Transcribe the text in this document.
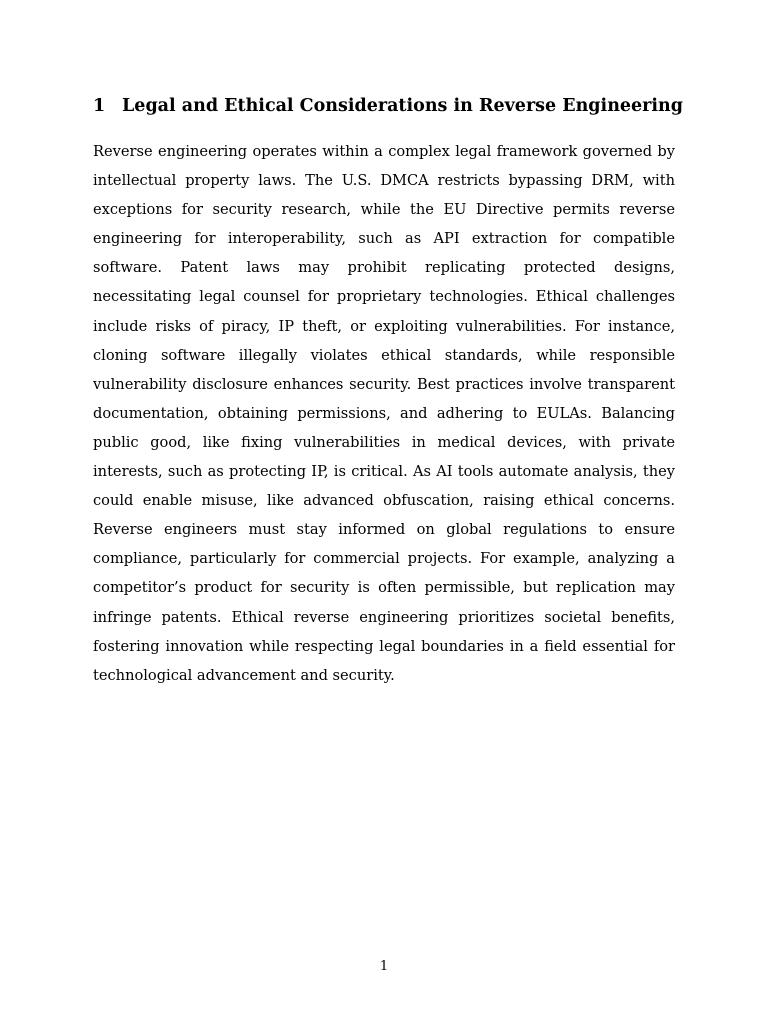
1 Legal and Ethical Considerations in Reverse Engineering

Reverse engineering operates within a complex legal framework governed by intellectual property laws. The U.S. DMCA restricts bypassing DRM, with exceptions for security research, while the EU Directive permits reverse engineering for interoperability, such as API extraction for compatible software. Patent laws may prohibit replicating protected designs, necessitating legal counsel for proprietary technologies. Ethical challenges include risks of piracy, IP theft, or exploiting vulnerabilities. For instance, cloning software illegally violates ethical standards, while responsible vulnerability disclosure enhances security. Best practices involve transparent documentation, obtaining permissions, and adhering to EULAs. Balancing public good, like fixing vulnerabilities in medical devices, with private interests, such as protecting IP, is critical. As AI tools automate analysis, they could enable misuse, like advanced obfuscation, raising ethical concerns. Reverse engineers must stay informed on global regulations to ensure compliance, particularly for commercial projects. For example, analyzing a competitor’s product for security is often permissible, but replication may infringe patents. Ethical reverse engineering prioritizes societal benefits, fostering innovation while respecting legal boundaries in a field essential for technological advancement and security.

1
